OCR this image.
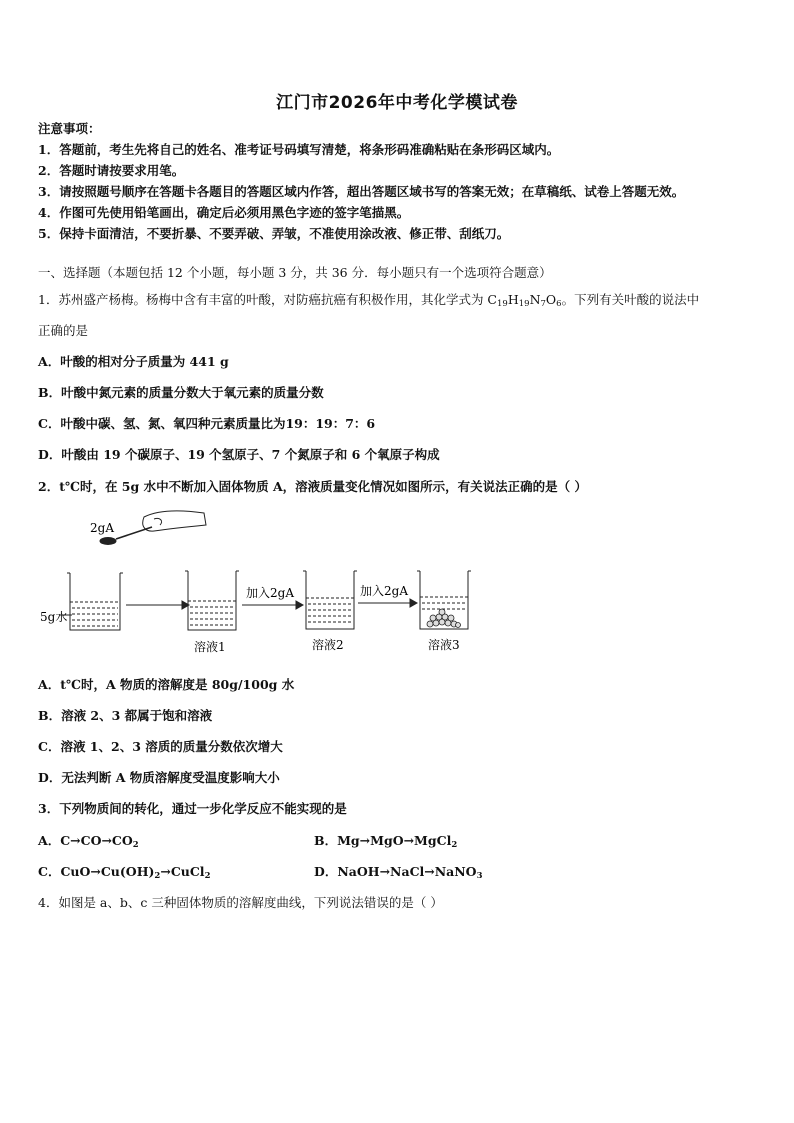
江门市2026年中考化学模试卷
注意事项：
1．答题前，考生先将自己的姓名、准考证号码填写清楚，将条形码准确粘贴在条形码区域内。
2．答题时请按要求用笔。
3．请按照题号顺序在答题卡各题目的答题区域内作答，超出答题区域书写的答案无效；在草稿纸、试卷上答题无效。
4．作图可先使用铅笔画出，确定后必须用黑色字迹的签字笔描黑。
5．保持卡面清洁，不要折暴、不要弄破、弄皱，不准使用涂改液、修正带、刮纸刀。
一、选择题（本题包括 12 个小题，每小题 3 分，共 36 分．每小题只有一个选项符合题意）
1．苏州盛产杨梅。杨梅中含有丰富的叶酸，对防癌抗癌有积极作用，其化学式为 $C_{19}H_{19}N_7O_6$。下列有关叶酸的说法中
正确的是
A．叶酸的相对分子质量为 441 g
B．叶酸中氮元素的质量分数大于氧元素的质量分数
C．叶酸中碳、氢、氮、氧四种元素质量比为19：19：7：6
D．叶酸由 19 个碳原子、19 个氢原子、7 个氮原子和 6 个氧原子构成
2．t℃时，在 5g 水中不断加入固体物质 A，溶液质量变化情况如图所示，有关说法正确的是（ ）
2gA
5g水
溶液1
加入2gA
溶液2
加入2gA
溶液3
A．t℃时，A 物质的溶解度是 80g/100g 水
B．溶液 2、3 都属于饱和溶液
C．溶液 1、2、3 溶质的质量分数依次增大
D．无法判断 A 物质溶解度受温度影响大小
3．下列物质间的转化，通过一步化学反应不能实现的是
A．$C\to CO\to CO_2$	B．Mg→MgO→MgCl$_2$
C．$CuO\to Cu(OH)_2\to CuCl_2$	D．NaOH→NaCl→NaNO$_3$
4．如图是 a、b、c 三种固体物质的溶解度曲线，下列说法错误的是（ ）
